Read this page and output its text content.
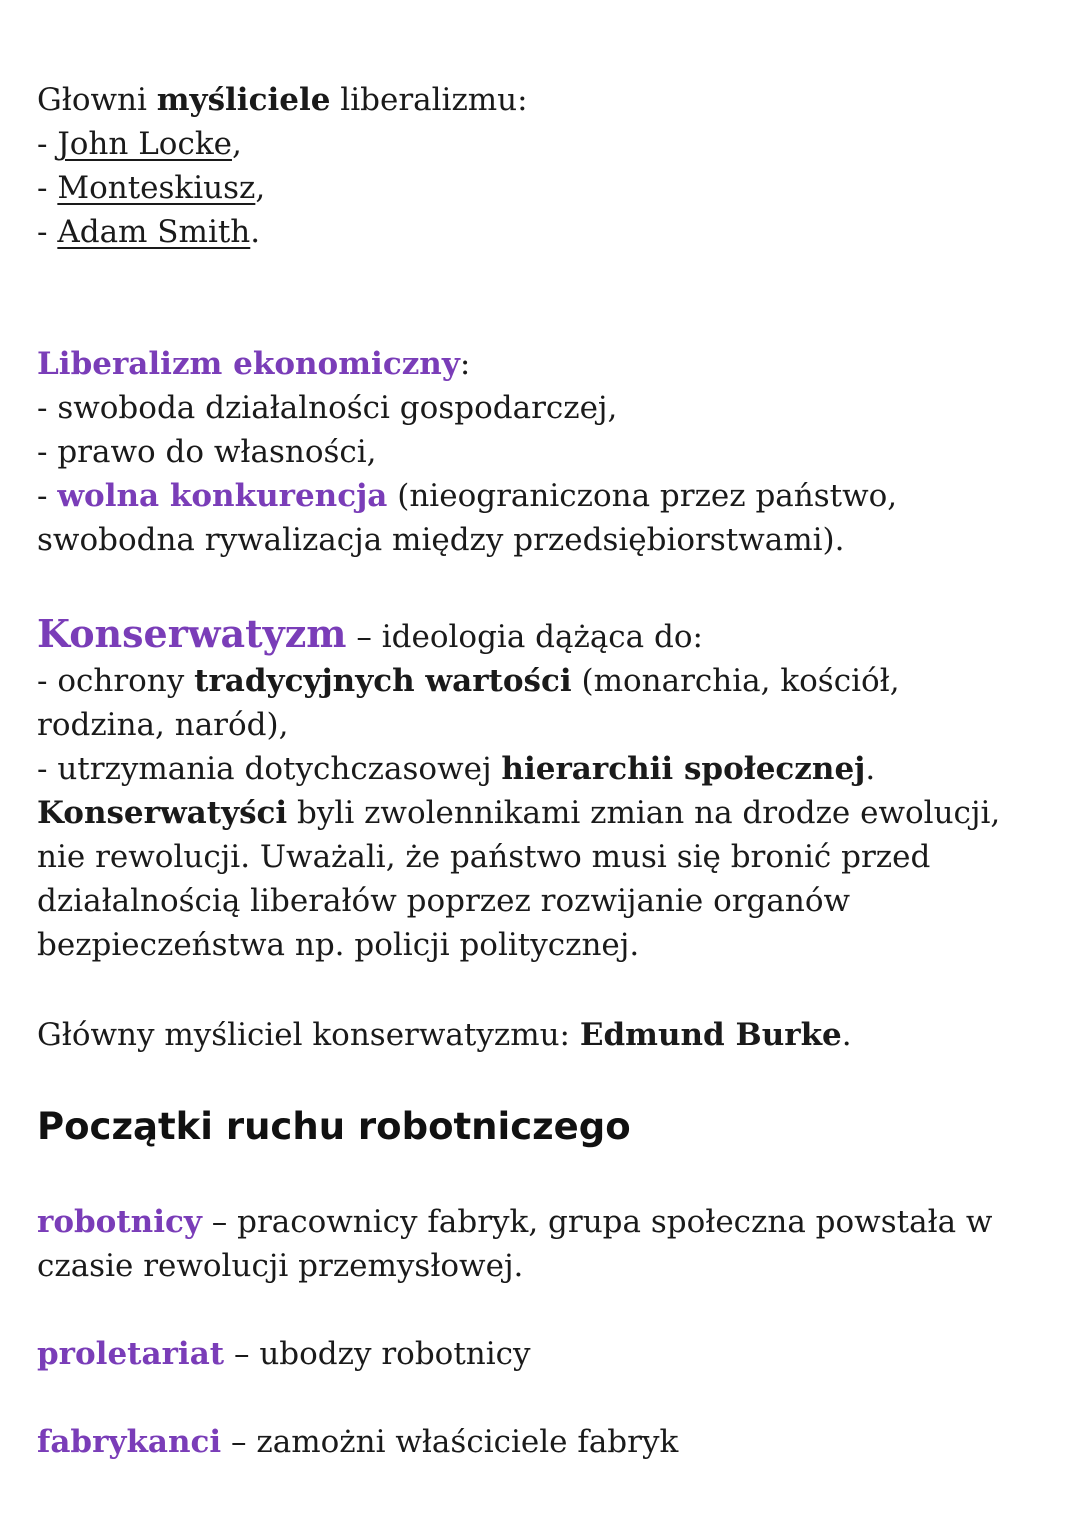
Głowni myśliciele liberalizmu:

- John Locke,

- Monteskiusz,

- Adam Smith.

Liberalizm ekonomiczny:

- swoboda działalności gospodarczej,

- prawo do własności,

- wolna konkurencja (nieograniczona przez państwo,

swobodna rywalizacja między przedsiębiorstwami).

Konserwatyzm – ideologia dążąca do:

- ochrony tradycyjnych wartości (monarchia, kościół,

rodzina, naród),

- utrzymania dotychczasowej hierarchii społecznej.

Konserwatyści byli zwolennikami zmian na drodze ewolucji,

nie rewolucji. Uważali, że państwo musi się bronić przed

działalnością liberałów poprzez rozwijanie organów

bezpieczeństwa np. policji politycznej.

Główny myśliciel konserwatyzmu: Edmund Burke.

Początki ruchu robotniczego

robotnicy – pracownicy fabryk, grupa społeczna powstała w

czasie rewolucji przemysłowej.

proletariat – ubodzy robotnicy

fabrykanci – zamożni właściciele fabryk
